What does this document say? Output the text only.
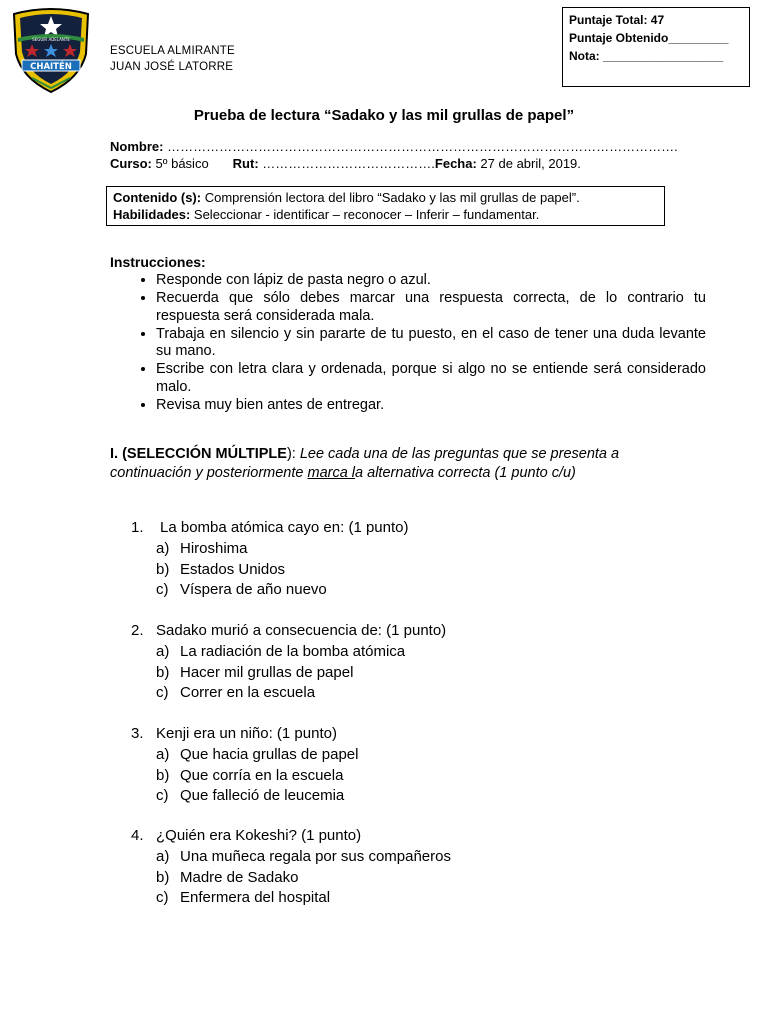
SEGUIR ADELANTE
CHAITÉN
ESCUELA ALMIRANTE
JUAN JOSÉ LATORRE
Puntaje Total: 47
Puntaje Obtenido_________
Nota: __________________
Prueba de lectura “Sadako y las mil grullas de papel”
Nombre: ……………………………………………………………………………………………………….
Curso: 5º básico Rut: ………………………………….Fecha: 27 de abril, 2019.
Contenido (s): Comprensión lectora del libro “Sadako y las mil grullas de papel”.
Habilidades: Seleccionar - identificar – reconocer – Inferir – fundamentar.
Instrucciones:
• Responde con lápiz de pasta negro o azul.
• Recuerda que sólo debes marcar una respuesta correcta, de lo contrario tu respuesta será considerada mala.
• Trabaja en silencio y sin pararte de tu puesto, en el caso de tener una duda levante su mano.
• Escribe con letra clara y ordenada, porque si algo no se entiende será considerado malo.
• Revisa muy bien antes de entregar.
I. (SELECCIÓN MÚLTIPLE): Lee cada una de las preguntas que se presenta a continuación y posteriormente marca la alternativa correcta (1 punto c/u)
1. La bomba atómica cayo en: (1 punto)
a) Hiroshima
b) Estados Unidos
c) Víspera de año nuevo
2. Sadako murió a consecuencia de: (1 punto)
a) La radiación de la bomba atómica
b) Hacer mil grullas de papel
c) Correr en la escuela
3. Kenji era un niño: (1 punto)
a) Que hacia grullas de papel
b) Que corría en la escuela
c) Que falleció de leucemia
4. ¿Quién era Kokeshi? (1 punto)
a) Una muñeca regala por sus compañeros
b) Madre de Sadako
c) Enfermera del hospital
